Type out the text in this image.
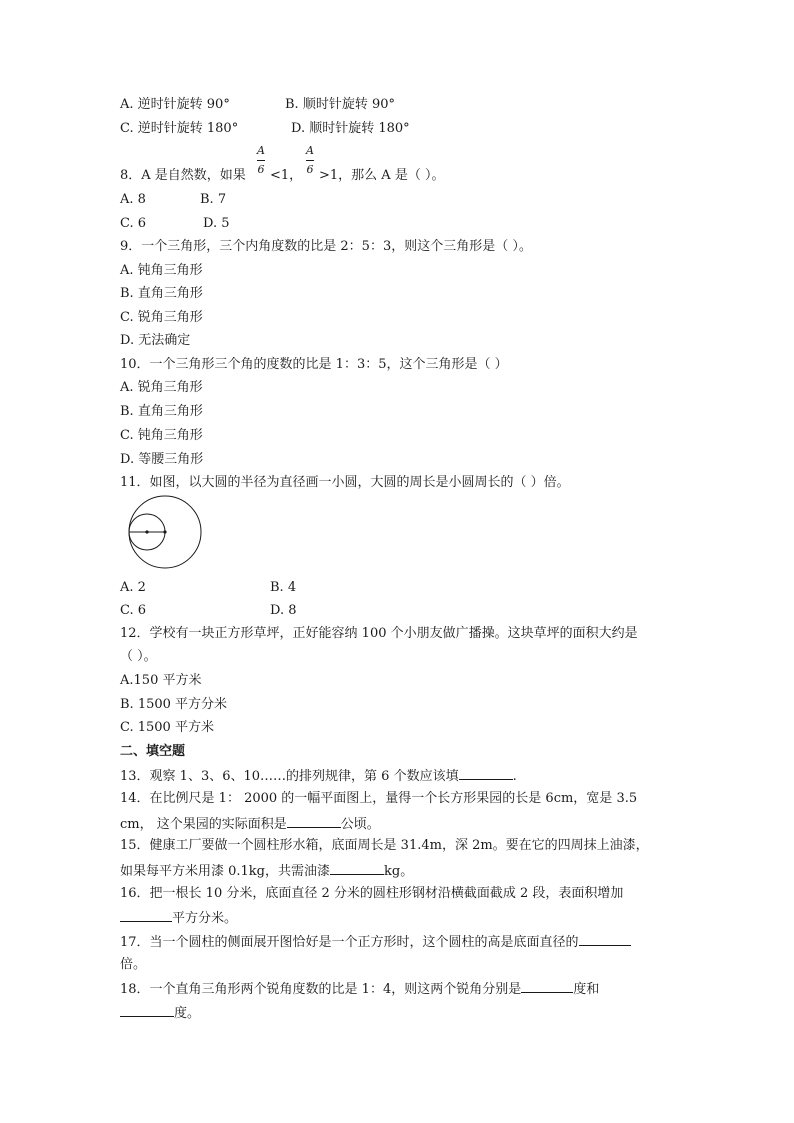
A. 逆时针旋转 90°	B. 顺时针旋转 90°
C. 逆时针旋转 180°	D. 顺时针旋转 180°
8．A 是自然数，如果
A
6 <1，
A
6 >1，那么 A 是（ ）。
A. 8	B. 7
C. 6	D. 5
9．一个三角形，三个内角度数的比是 2：5：3，则这个三角形是（ ）。
A. 钝角三角形
B. 直角三角形
C. 锐角三角形
D. 无法确定
10．一个三角形三个角的度数的比是 1：3：5，这个三角形是（ ）
A. 锐角三角形
B. 直角三角形
C. 钝角三角形
D. 等腰三角形
11．如图，以大圆的半径为直径画一小圆，大圆的周长是小圆周长的（ ）倍。
A. 2	B. 4
C. 6	D. 8
12．学校有一块正方形草坪，正好能容纳 100 个小朋友做广播操。这块草坪的面积大约是
（ ）。
A.150 平方米
B. 1500 平方分米
C. 1500 平方米
二、填空题
13．观察 1、3、6、10……的排列规律，第 6 个数应该填	.
14．在比例尺是 1： 2000 的一幅平面图上，量得一个长方形果园的长是 6cm，宽是 3.5
cm， 这个果园的实际面积是	公顷。
15．健康工厂要做一个圆柱形水箱，底面周长是 31.4m，深 2m。要在它的四周抹上油漆，
如果每平方米用漆 0.1kg，共需油漆	kg。
16．把一根长 10 分米，底面直径 2 分米的圆柱形钢材沿横截面截成 2 段，表面积增加
平方分米。
17．当一个圆柱的侧面展开图恰好是一个正方形时，这个圆柱的高是底面直径的
倍。
18．一个直角三角形两个锐角度数的比是 1：4，则这两个锐角分别是	度和
度。
